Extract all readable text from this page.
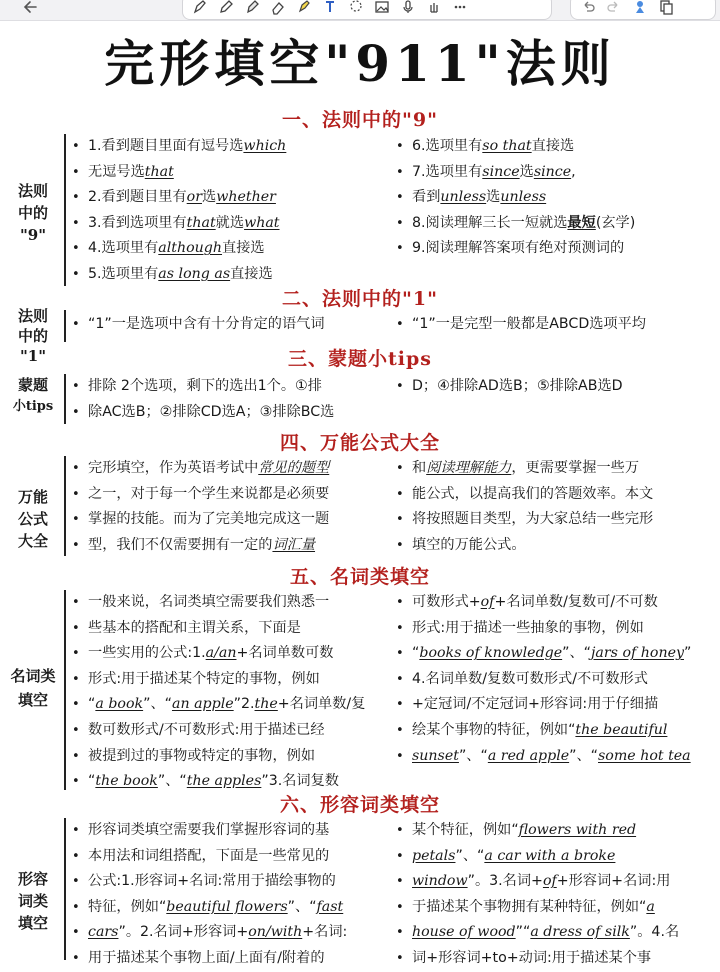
完形填空"911"法则
一、法则中的"9"
法则
中的
"9"
• 1.看到题目里面有逗号选 which
• 无逗号选 that
• 2.看到题目里有 or 选 whether
• 3.看到选项里有 that 就选 what
• 4.选项里有 although 直接选
• 5.选项里有 as long as 直接选
• 6.选项里有 so that 直接选
• 7.选项里有 since 选 since ,
• 看到 unless 选 unless
• 8.阅读理解三长一短就选 最短 (玄学)
• 9.阅读理解答案项有绝对预测词的
二、法则中的"1"
法则
中的
"1"
• “1”一是选项中含有十分肯定的语气词	• “1”一是完型一般都是ABCD选项平均
三、蒙题小tips
蒙题
小tips
• 排除 2个选项，剩下的选出1个。①排
• 除AC选B；②排除CD选A；③排除BC选
• D；④排除AD选B；⑤排除AB选D
四、万能公式大全
万能
公式
大全
• 完形填空，作为英语考试中 常见的题型
• 之一，对于每一个学生来说都是必须要
• 掌握的技能。而为了完美地完成这一题
• 型，我们不仅需要拥有一定的 词汇量
• 和 阅读理解能力 ，更需要掌握一些万
• 能公式，以提高我们的答题效率。本文
• 将按照题目类型，为大家总结一些完形
• 填空的万能公式。
五、名词类填空
名词类
填空
• 一般来说，名词类填空需要我们熟悉一
• 些基本的搭配和主谓关系，下面是
• 一些实用的公式:1. a/an +名词单数可数
• 形式:用于描述某个特定的事物，例如
• “ a book ”、“ an apple ”2. the +名词单数/复
• 数可数形式/不可数形式:用于描述已经
• 被提到过的事物或特定的事物，例如
• “ the book ”、“ the apples ”3.名词复数
• 可数形式+ of +名词单数/复数可/不可数
• 形式:用于描述一些抽象的事物，例如
• “ books of knowledge ”、“ jars of honey ”
• 4.名词单数/复数可数形式/不可数形式
• +定冠词/不定冠词+形容词:用于仔细描
• 绘某个事物的特征，例如“ the beautiful
• sunset ”、“ a red apple ”、“ some hot tea
六、形容词类填空
形容
词类
填空
• 形容词类填空需要我们掌握形容词的基
• 本用法和词组搭配，下面是一些常见的
• 公式:1.形容词+名词:常用于描绘事物的
• 特征，例如“ beautiful flowers ”、“ fast
• cars ”。2.名词+形容词+ on/with +名词:
• 用于描述某个事物上面/上面有/附着的
• 某个特征，例如“ flowers with red
• petals ”、“ a car with a broke
• window ”。3.名词+ of +形容词+名词:用
• 于描述某个事物拥有某种特征，例如“ a
• house of wood ”“ a dress of silk ”。4.名
• 词+形容词+to+动词:用于描述某个事
